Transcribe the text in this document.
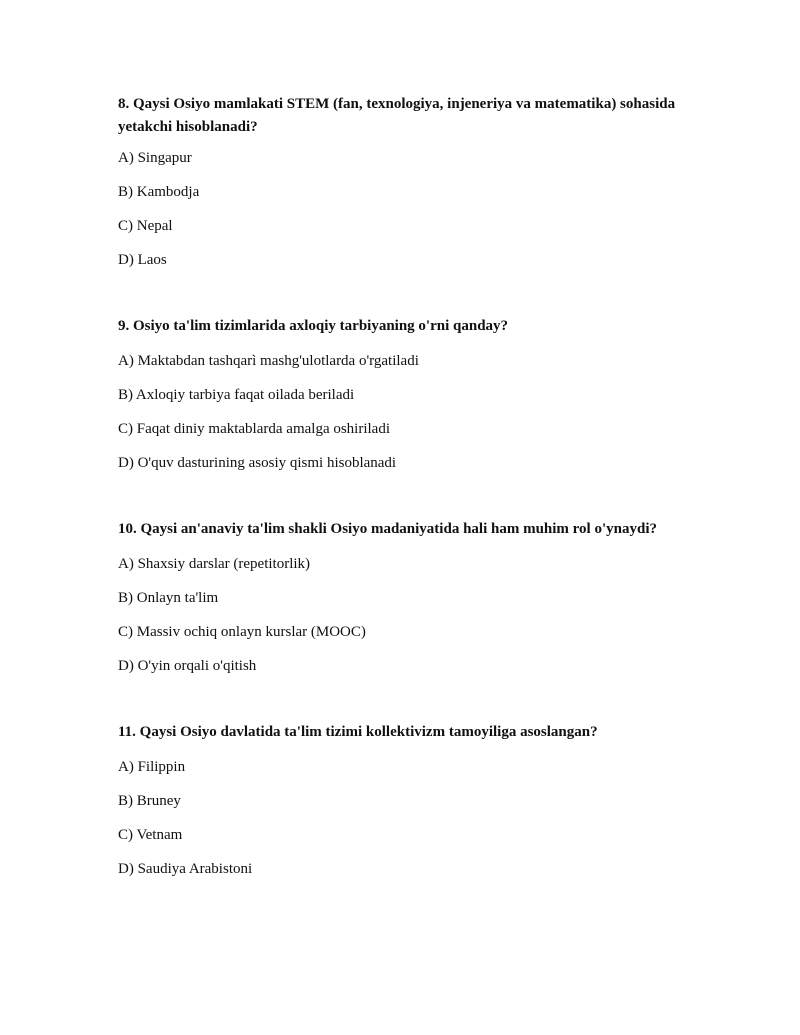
8. Qaysi Osiyo mamlakati STEM (fan, texnologiya, injeneriya va matematika) sohasida yetakchi hisoblanadi?

A) Singapur
B) Kambodja
C) Nepal
D) Laos

9. Osiyo ta'lim tizimlarida axloqiy tarbiyaning o'rni qanday?

A) Maktabdan tashqarì mashg'ulotlarda o'rgatiladi
B) Axloqiy tarbiya faqat oilada beriladi
C) Faqat diniy maktablarda amalga oshiriladi
D) O'quv dasturining asosiy qismi hisoblanadi

10. Qaysi an'anaviy ta'lim shakli Osiyo madaniyatida hali ham muhim rol o'ynaydi?

A) Shaxsiy darslar (repetitorlik)
B) Onlayn ta'lim
C) Massiv ochiq onlayn kurslar (MOOC)
D) O'yin orqali o'qitish

11. Qaysi Osiyo davlatida ta'lim tizimi kollektivizm tamoyiliga asoslangan?

A) Filippin
B) Bruney
C) Vetnam
D) Saudiya Arabistoni
